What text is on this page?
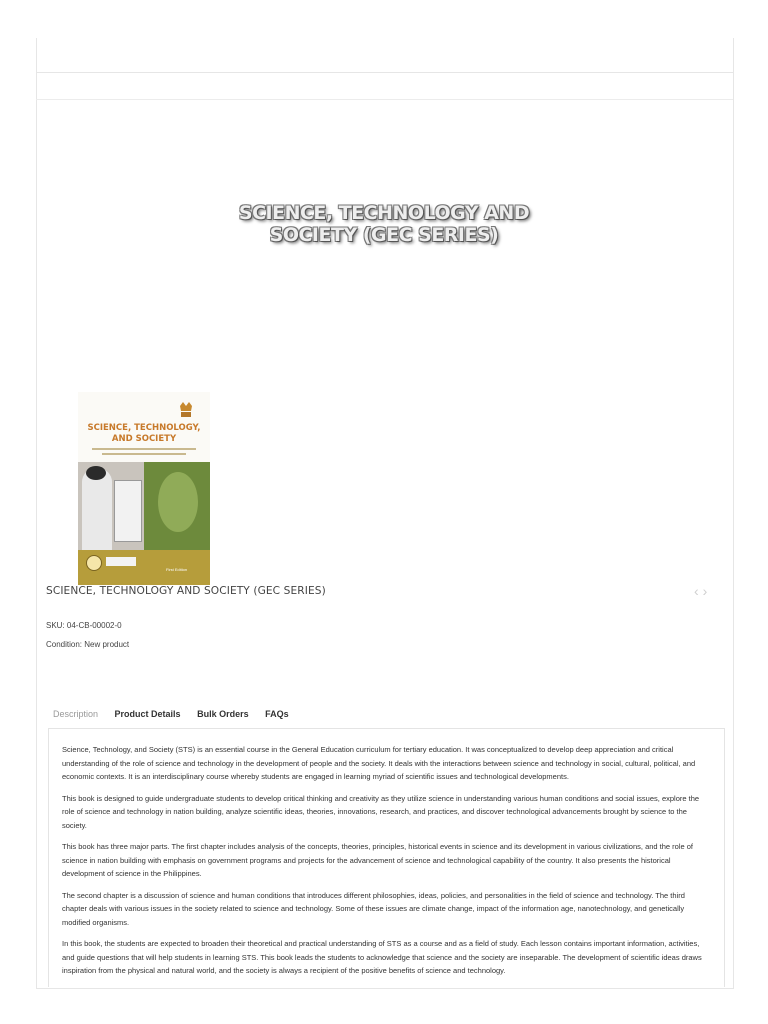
SCIENCE, TECHNOLOGY AND
SOCIETY (GEC SERIES)
SCIENCE, TECHNOLOGY,
AND SOCIETY
First Edition
SCIENCE, TECHNOLOGY AND SOCIETY (GEC SERIES)	‹ ›
SKU: 04-CB-00002-0
Condition: New product
Description Product Details Bulk Orders FAQs

Science, Technology, and Society (STS) is an essential course in the General Education curriculum for tertiary education. It was conceptualized to develop deep appreciation and critical understanding of the role of science and technology in the development of people and the society. It deals with the interactions between science and technology in social, cultural, political, and economic contexts. It is an interdisciplinary course whereby students are engaged in learning myriad of scientific issues and technological developments.

This book is designed to guide undergraduate students to develop critical thinking and creativity as they utilize science in understanding various human conditions and social issues, explore the role of science and technology in nation building, analyze scientific ideas, theories, innovations, research, and practices, and discover technological advancements brought by science to the society.

This book has three major parts. The first chapter includes analysis of the concepts, theories, principles, historical events in science and its development in various civilizations, and the role of science in nation building with emphasis on government programs and projects for the advancement of science and technological capability of the country. It also presents the historical development of science in the Philippines.

The second chapter is a discussion of science and human conditions that introduces different philosophies, ideas, policies, and personalities in the field of science and technology. The third chapter deals with various issues in the society related to science and technology. Some of these issues are climate change, impact of the information age, nanotechnology, and genetically modified organisms.

In this book, the students are expected to broaden their theoretical and practical understanding of STS as a course and as a field of study. Each lesson contains important information, activities, and guide questions that will help students in learning STS. This book leads the students to acknowledge that science and the society are inseparable. The development of scientific ideas draws inspiration from the physical and natural world, and the society is always a recipient of the positive benefits of science and technology.
